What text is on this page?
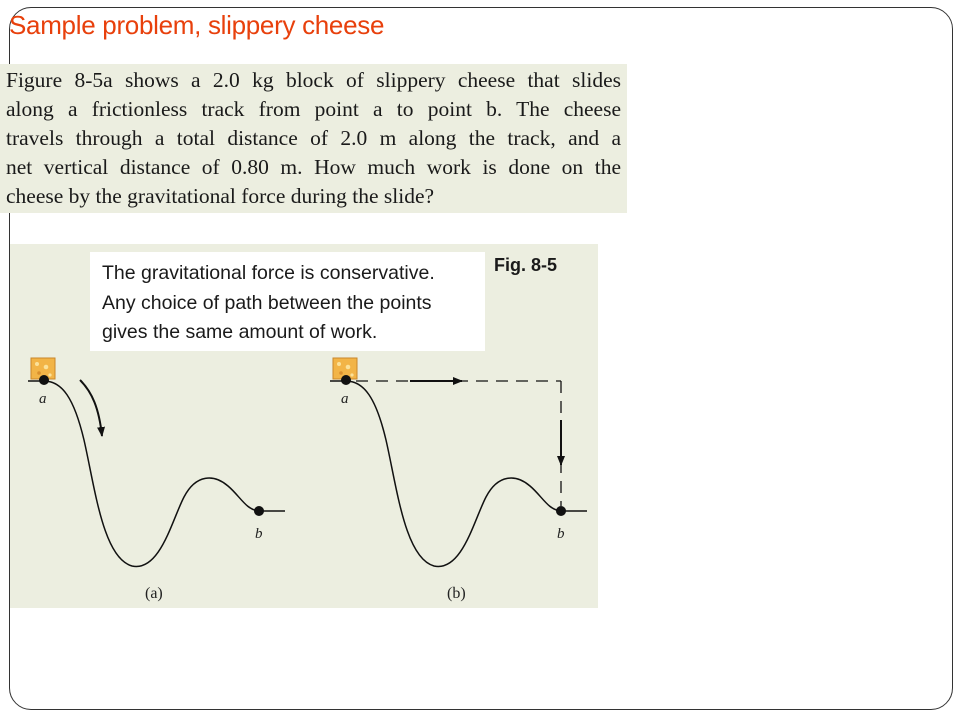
Sample problem, slippery cheese

Figure 8-5a shows a 2.0 kg block of slippery cheese that slides
along a frictionless track from point a to point b. The cheese
travels through a total distance of 2.0 m along the track, and a
net vertical distance of 0.80 m. How much work is done on the
cheese by the gravitational force during the slide?

The gravitational force is conservative.
Any choice of path between the points
gives the same amount of work.
Fig. 8-5
a
b
(a)
a
b
(b)
